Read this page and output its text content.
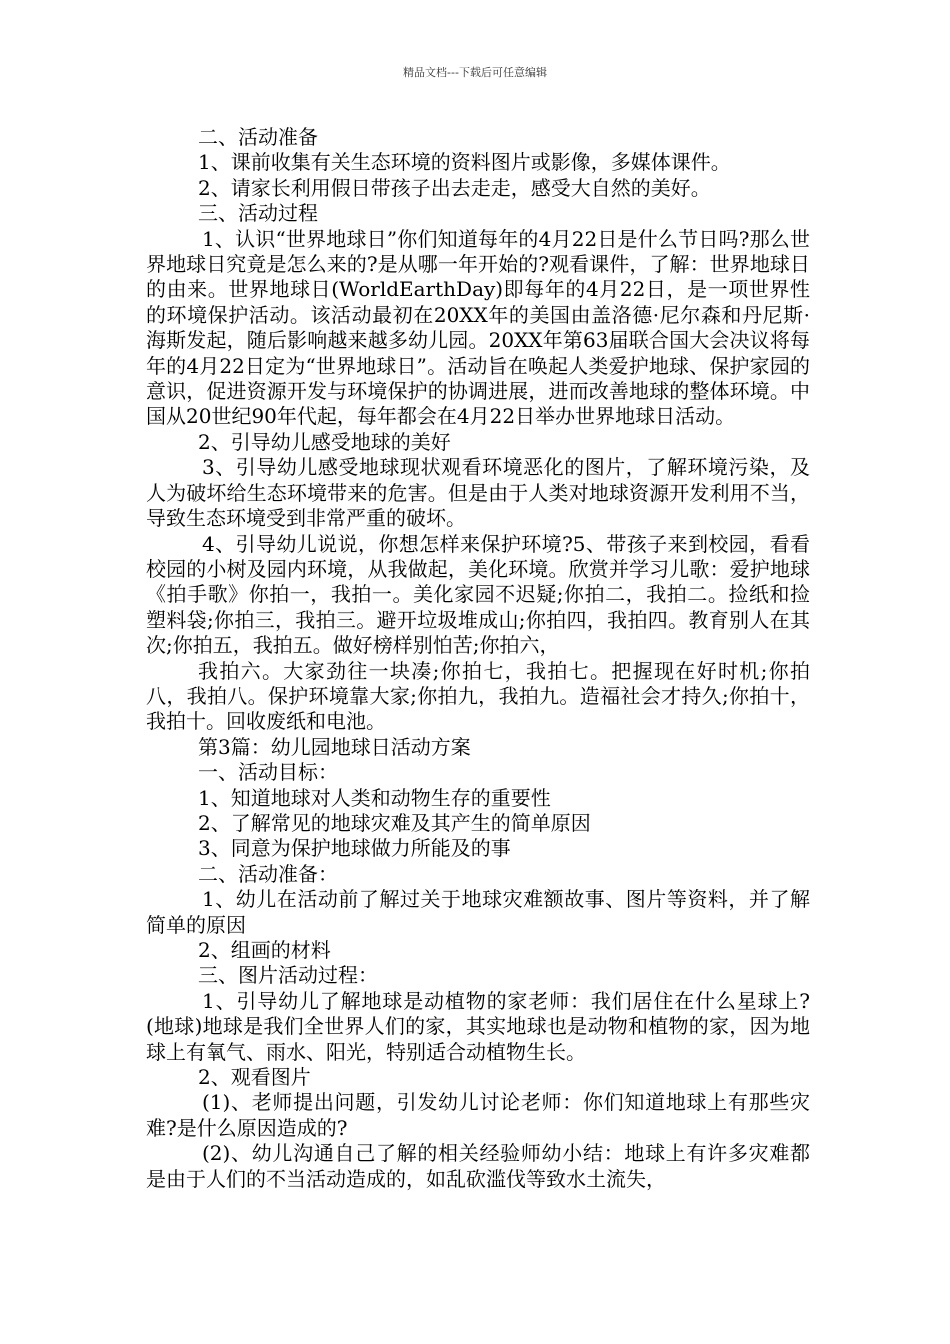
精品文档---下载后可任意编辑

二、活动准备

1、课前收集有关生态环境的资料图片或影像，多媒体课件。

2、请家长利用假日带孩子出去走走，感受大自然的美好。

三、活动过程

1、认识“世界地球日”你们知道每年的4月22日是什么节日吗?那么世界地球日究竟是怎么来的?是从哪一年开始的?观看课件，了解：世界地球日的由来。世界地球日(WorldEarthDay)即每年的4月22日，是一项世界性的环境保护活动。该活动最初在20XX年的美国由盖洛德·尼尔森和丹尼斯·海斯发起，随后影响越来越多幼儿园。20XX年第63届联合国大会决议将每年的4月22日定为“世界地球日”。活动旨在唤起人类爱护地球、保护家园的意识，促进资源开发与环境保护的协调进展，进而改善地球的整体环境。中国从20世纪90年代起，每年都会在4月22日举办世界地球日活动。

2、引导幼儿感受地球的美好

3、引导幼儿感受地球现状观看环境恶化的图片，了解环境污染，及人为破坏给生态环境带来的危害。但是由于人类对地球资源开发利用不当，导致生态环境受到非常严重的破坏。

4、引导幼儿说说，你想怎样来保护环境?5、带孩子来到校园，看看校园的小树及园内环境，从我做起，美化环境。欣赏并学习儿歌：爱护地球《拍手歌》你拍一，我拍一。美化家园不迟疑;你拍二，我拍二。捡纸和捡塑料袋;你拍三，我拍三。避开垃圾堆成山;你拍四，我拍四。教育别人在其次;你拍五，我拍五。做好榜样别怕苦;你拍六，

我拍六。大家劲往一块凑;你拍七，我拍七。把握现在好时机;你拍八，我拍八。保护环境靠大家;你拍九，我拍九。造福社会才持久;你拍十，我拍十。回收废纸和电池。

第3篇：幼儿园地球日活动方案

一、活动目标：

1、知道地球对人类和动物生存的重要性

2、了解常见的地球灾难及其产生的简单原因

3、同意为保护地球做力所能及的事

二、活动准备：

1、幼儿在活动前了解过关于地球灾难额故事、图片等资料，并了解简单的原因

2、组画的材料

三、图片活动过程：

1、引导幼儿了解地球是动植物的家老师：我们居住在什么星球上?(地球)地球是我们全世界人们的家，其实地球也是动物和植物的家，因为地球上有氧气、雨水、阳光，特别适合动植物生长。

2、观看图片

(1)、老师提出问题，引发幼儿讨论老师：你们知道地球上有那些灾难?是什么原因造成的?

(2)、幼儿沟通自己了解的相关经验师幼小结：地球上有许多灾难都是由于人们的不当活动造成的，如乱砍滥伐等致水土流失，
